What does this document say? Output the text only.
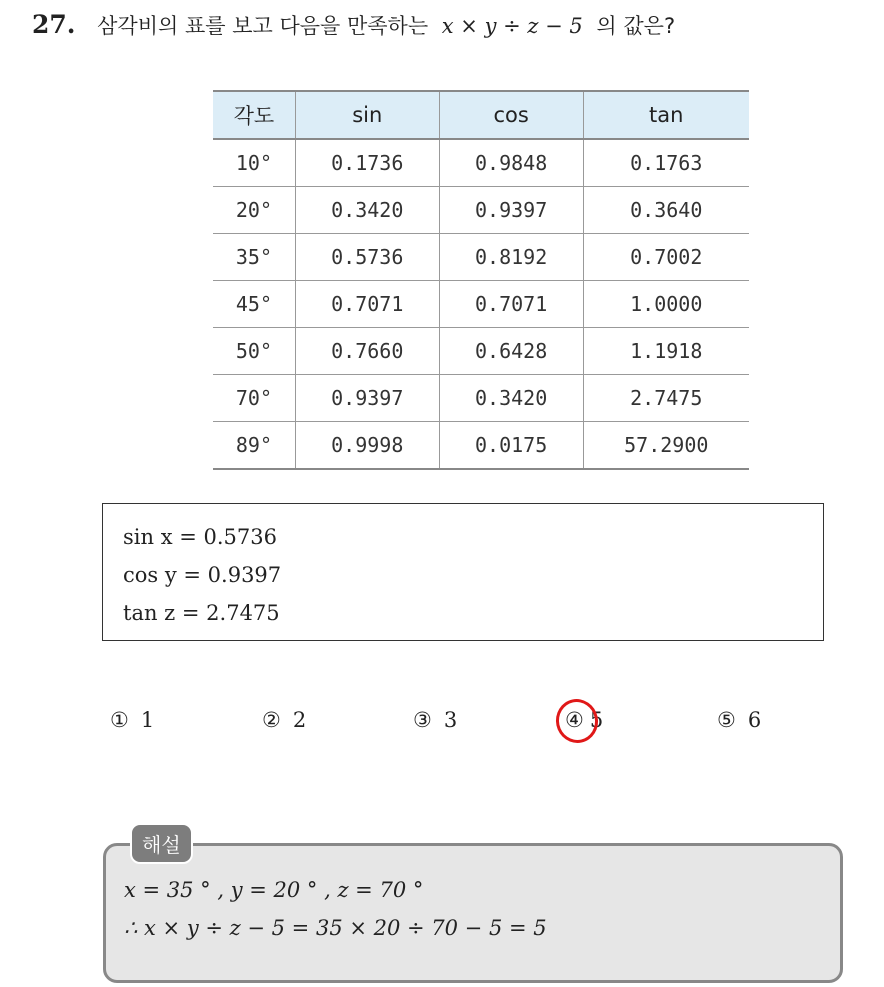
27. 삼각비의 표를 보고 다음을 만족하는 x × y ÷ z − 5 의 값은?
각도	sin	cos	tan
10°	0.1736	0.9848	0.1763
20°	0.3420	0.9397	0.3640
35°	0.5736	0.8192	0.7002
45°	0.7071	0.7071	1.0000
50°	0.7660	0.6428	1.1918
70°	0.9397	0.3420	2.7475
89°	0.9998	0.0175	57.2900
sin x = 0.5736
cos y = 0.9397
tan z = 2.7475
① 1	② 2	③ 3	④ 5	⑤ 6
해설
x = 35 ° , y = 20 ° , z = 70 °
∴ x × y ÷ z − 5 = 35 × 20 ÷ 70 − 5 = 5
